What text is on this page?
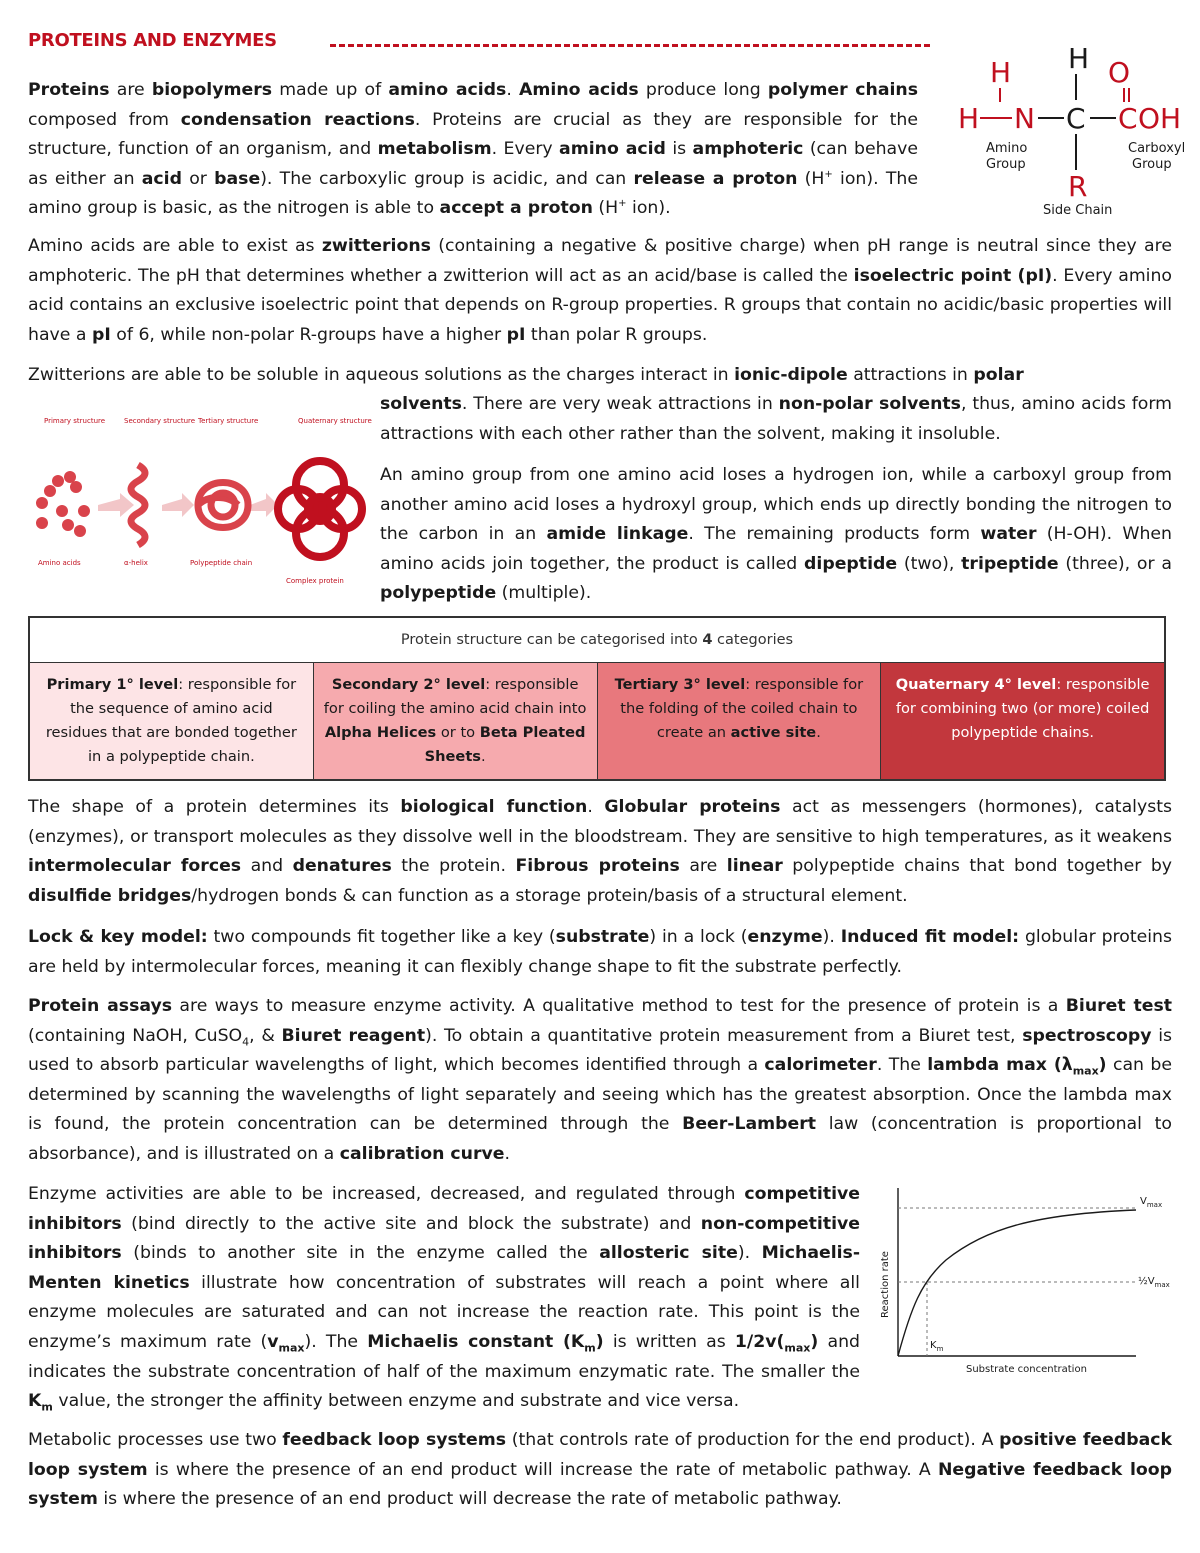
PROTEINS AND ENZYMES
H
H	O
H N C C OH
R
Amino
Group
Carboxyl
Group
Side Chain

Proteins are biopolymers made up of amino acids. Amino acids produce long polymer chains composed from condensation reactions. Proteins are crucial as they are responsible for the structure, function of an organism, and metabolism. Every amino acid is amphoteric (can behave as either an acid or base). The carboxylic group is acidic, and can release a proton (H+ ion). The amino group is basic, as the nitrogen is able to accept a proton (H+ ion).

Amino acids are able to exist as zwitterions (containing a negative & positive charge) when pH range is neutral since they are amphoteric. The pH that determines whether a zwitterion will act as an acid/base is called the isoelectric point (pI). Every amino acid contains an exclusive isoelectric point that depends on R-group properties. R groups that contain no acidic/basic properties will have a pI of 6, while non-polar R-groups have a higher pI than polar R groups.

Zwitterions are able to be soluble in aqueous solutions as the charges interact in ionic-dipole attractions in polar

solvents. There are very weak attractions in non-polar solvents, thus, amino acids form attractions with each other rather than the solvent, making it insoluble.

Primary structure	Secondary structure Tertiary structure	Quaternary structure
Amino acids	α-helix	Polypeptide chain
Complex protein

An amino group from one amino acid loses a hydrogen ion, while a carboxyl group from another amino acid loses a hydroxyl group, which ends up directly bonding the nitrogen to the carbon in an amide linkage. The remaining products form water (H-OH). When amino acids join together, the product is called dipeptide (two), tripeptide (three), or a polypeptide (multiple).

Protein structure can be categorised into 4 categories
Primary 1° level: responsible for the sequence of amino acid residues that are bonded together in a polypeptide chain.
Secondary 2° level: responsible for coiling the amino acid chain into Alpha Helices or to Beta Pleated Sheets.
Tertiary 3° level: responsible for the folding of the coiled chain to create an active site.
Quaternary 4° level: responsible for combining two (or more) coiled polypeptide chains.

The shape of a protein determines its biological function. Globular proteins act as messengers (hormones), catalysts (enzymes), or transport molecules as they dissolve well in the bloodstream. They are sensitive to high temperatures, as it weakens intermolecular forces and denatures the protein. Fibrous proteins are linear polypeptide chains that bond together by disulfide bridges/hydrogen bonds & can function as a storage protein/basis of a structural element.

Lock & key model: two compounds fit together like a key (substrate) in a lock (enzyme). Induced fit model: globular proteins are held by intermolecular forces, meaning it can flexibly change shape to fit the substrate perfectly.

Protein assays are ways to measure enzyme activity. A qualitative method to test for the presence of protein is a Biuret test (containing NaOH, CuSO$_4$, & Biuret reagent). To obtain a quantitative protein measurement from a Biuret test, spectroscopy is used to absorb particular wavelengths of light, which becomes identified through a calorimeter. The lambda $\max (\lambda_{max})$ can be determined by scanning the wavelengths of light separately and seeing which has the greatest absorption. Once the lambda max is found, the protein concentration can be determined through the Beer-Lambert law (concentration is proportional to absorbance), and is illustrated on a calibration curve.

Enzyme activities are able to be increased, decreased, and regulated through competitive inhibitors (bind directly to the active site and block the substrate) and non-competitive inhibitors (binds to another site in the enzyme called the allosteric site). Michaelis-Menten kinetics illustrate how concentration of substrates will reach a point where all enzyme molecules are saturated and can not increase the reaction rate. This point is the enzyme’s maximum rate $(v_{max})$. The Michaelis constant $(K_m)$ is written as $1/2v(_{max})$ and indicates the substrate concentration of half of the maximum enzymatic rate. The smaller the $K_m$ value, the stronger the affinity between enzyme and substrate and vice versa.

$V_{max}$
$\frac{1}{2}V_{max}$
$K_m$
Substrate concentration
Reaction rate

Metabolic processes use two feedback loop systems (that controls rate of production for the end product). A positive feedback loop system is where the presence of an end product will increase the rate of metabolic pathway. A Negative feedback loop system is where the presence of an end product will decrease the rate of metabolic pathway.
